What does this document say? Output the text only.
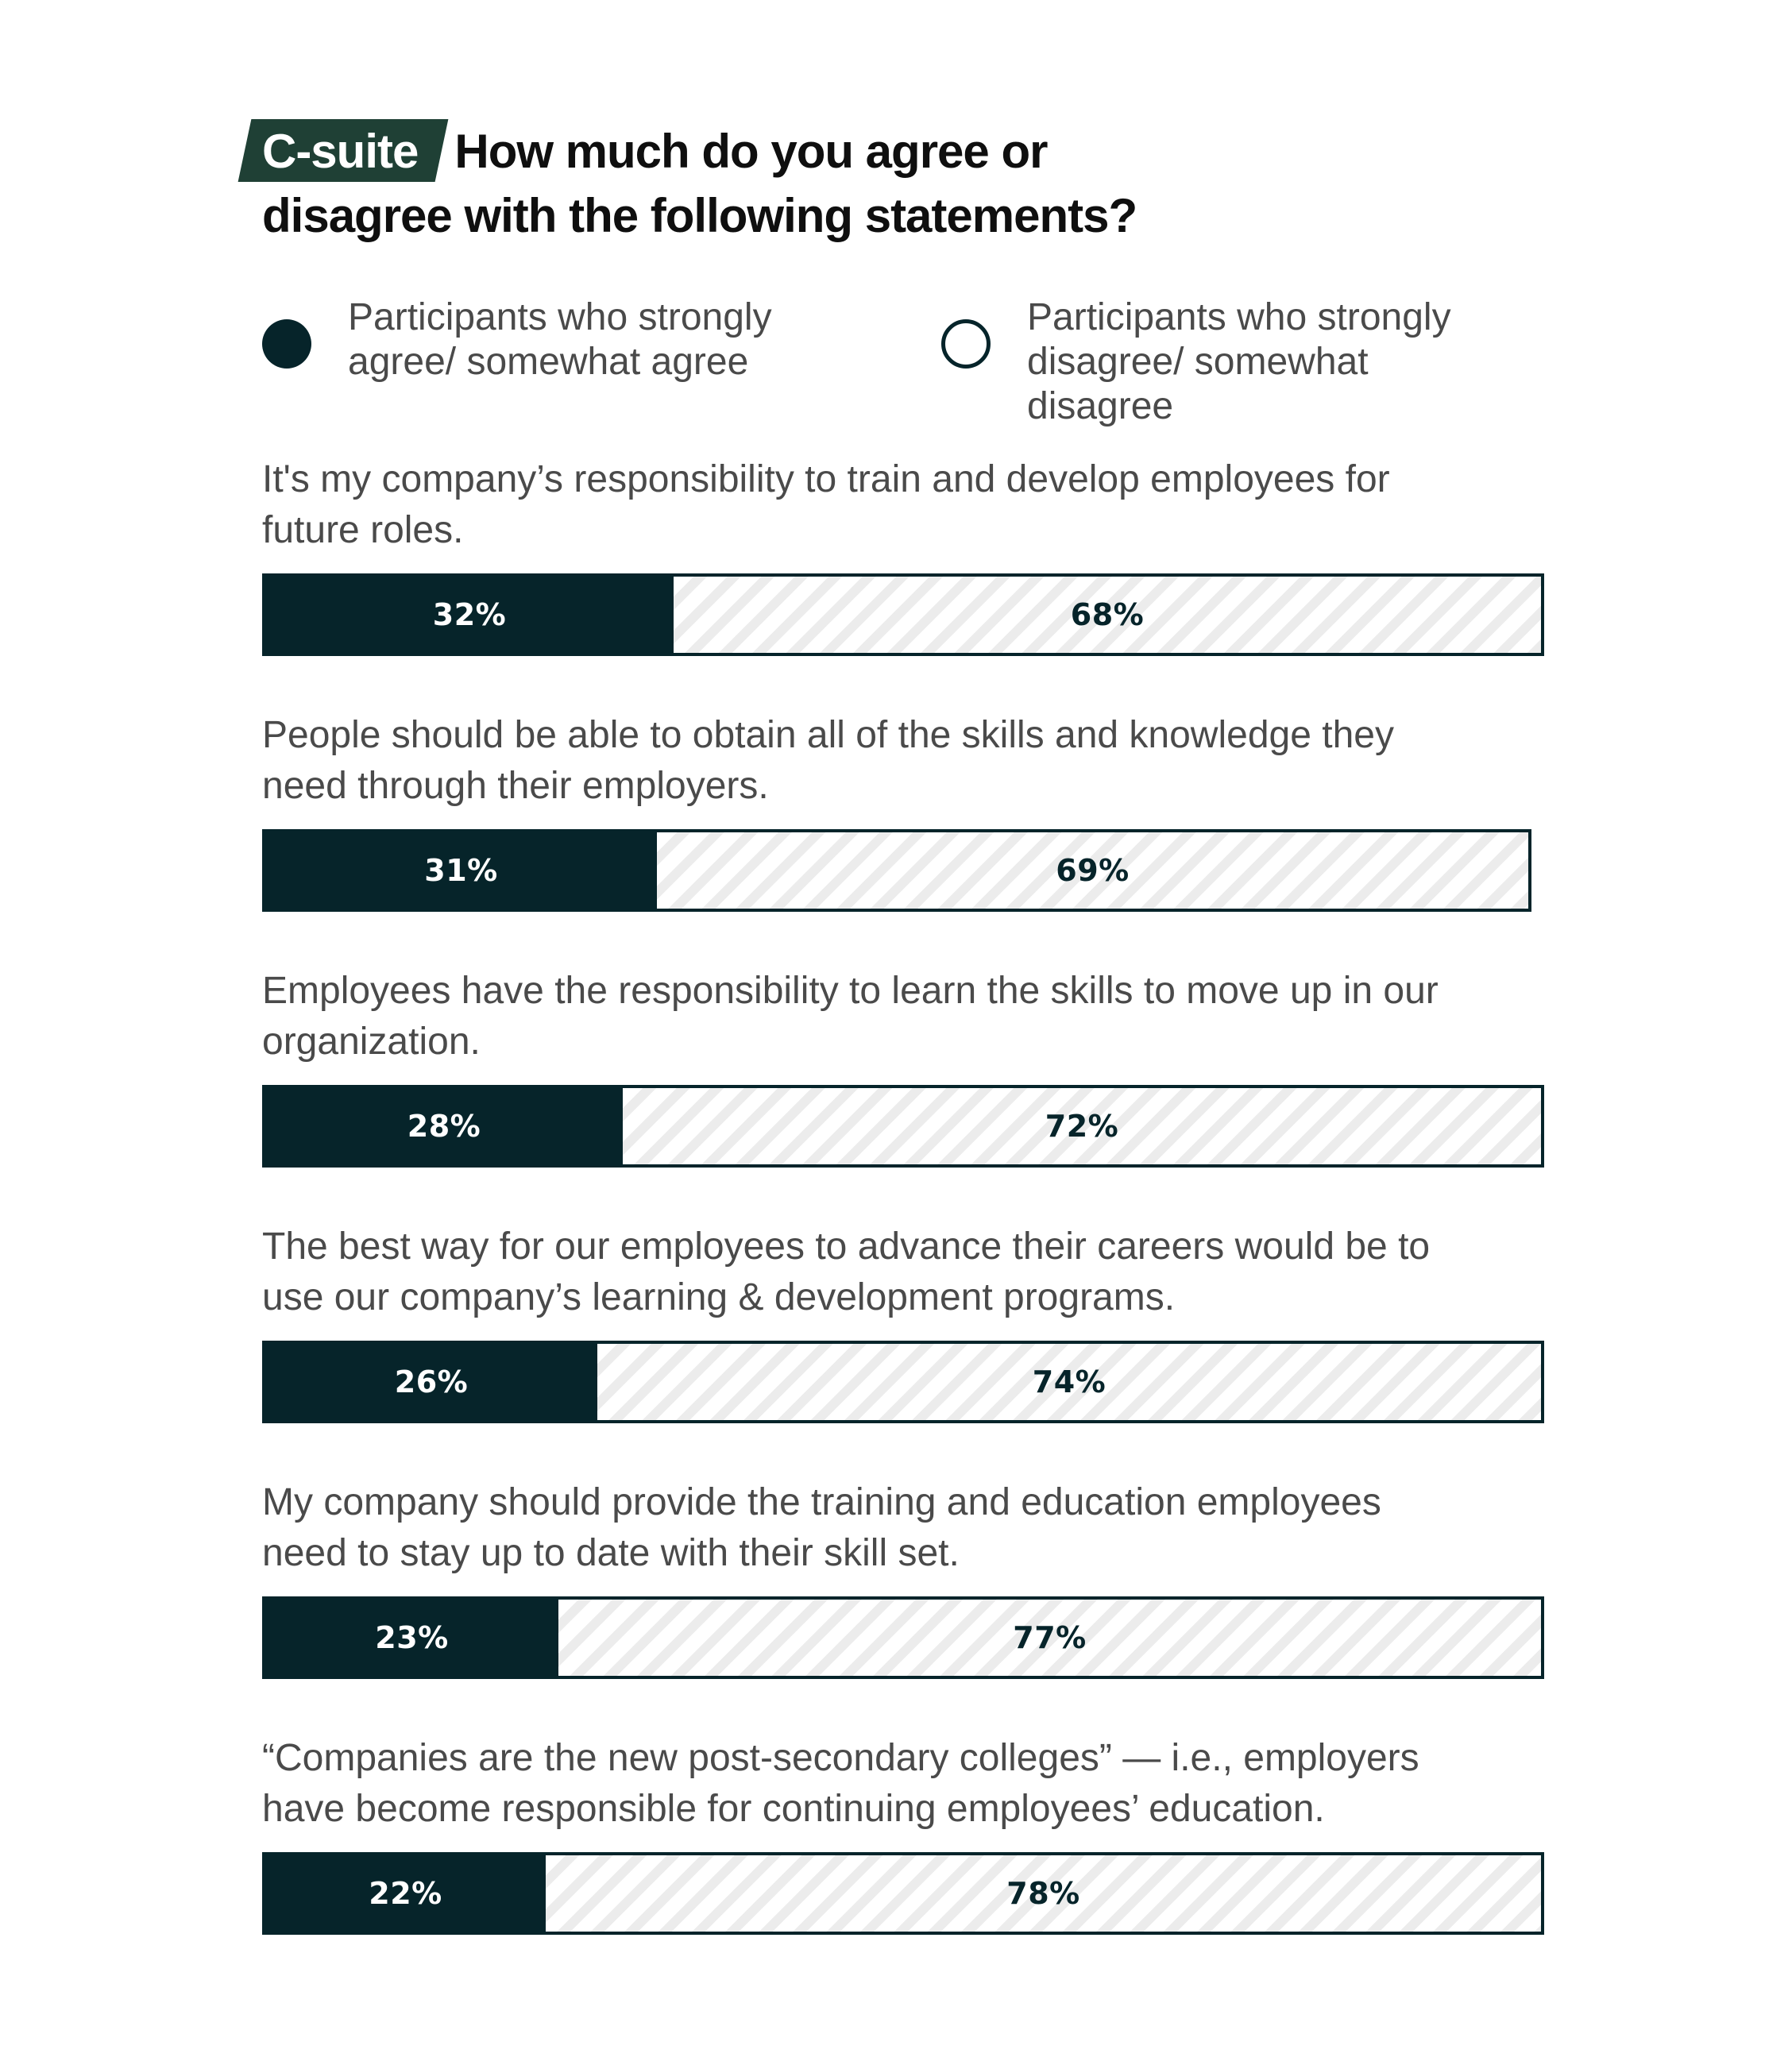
C-suite How much do you agree or
disagree with the following statements?
Participants who strongly agree/ somewhat agree
Participants who strongly disagree/ somewhat disagree

It's my company’s responsibility to train and develop employees for future roles.

32%	68%

People should be able to obtain all of the skills and knowledge they need through their employers.

31%	69%

Employees have the responsibility to learn the skills to move up in our organization.

28%	72%

The best way for our employees to advance their careers would be to use our company’s learning & development programs.

26%	74%

My company should provide the training and education employees need to stay up to date with their skill set.

23%	77%

“Companies are the new post-secondary colleges” — i.e., employers have become responsible for continuing employees’ education.

22%	78%
